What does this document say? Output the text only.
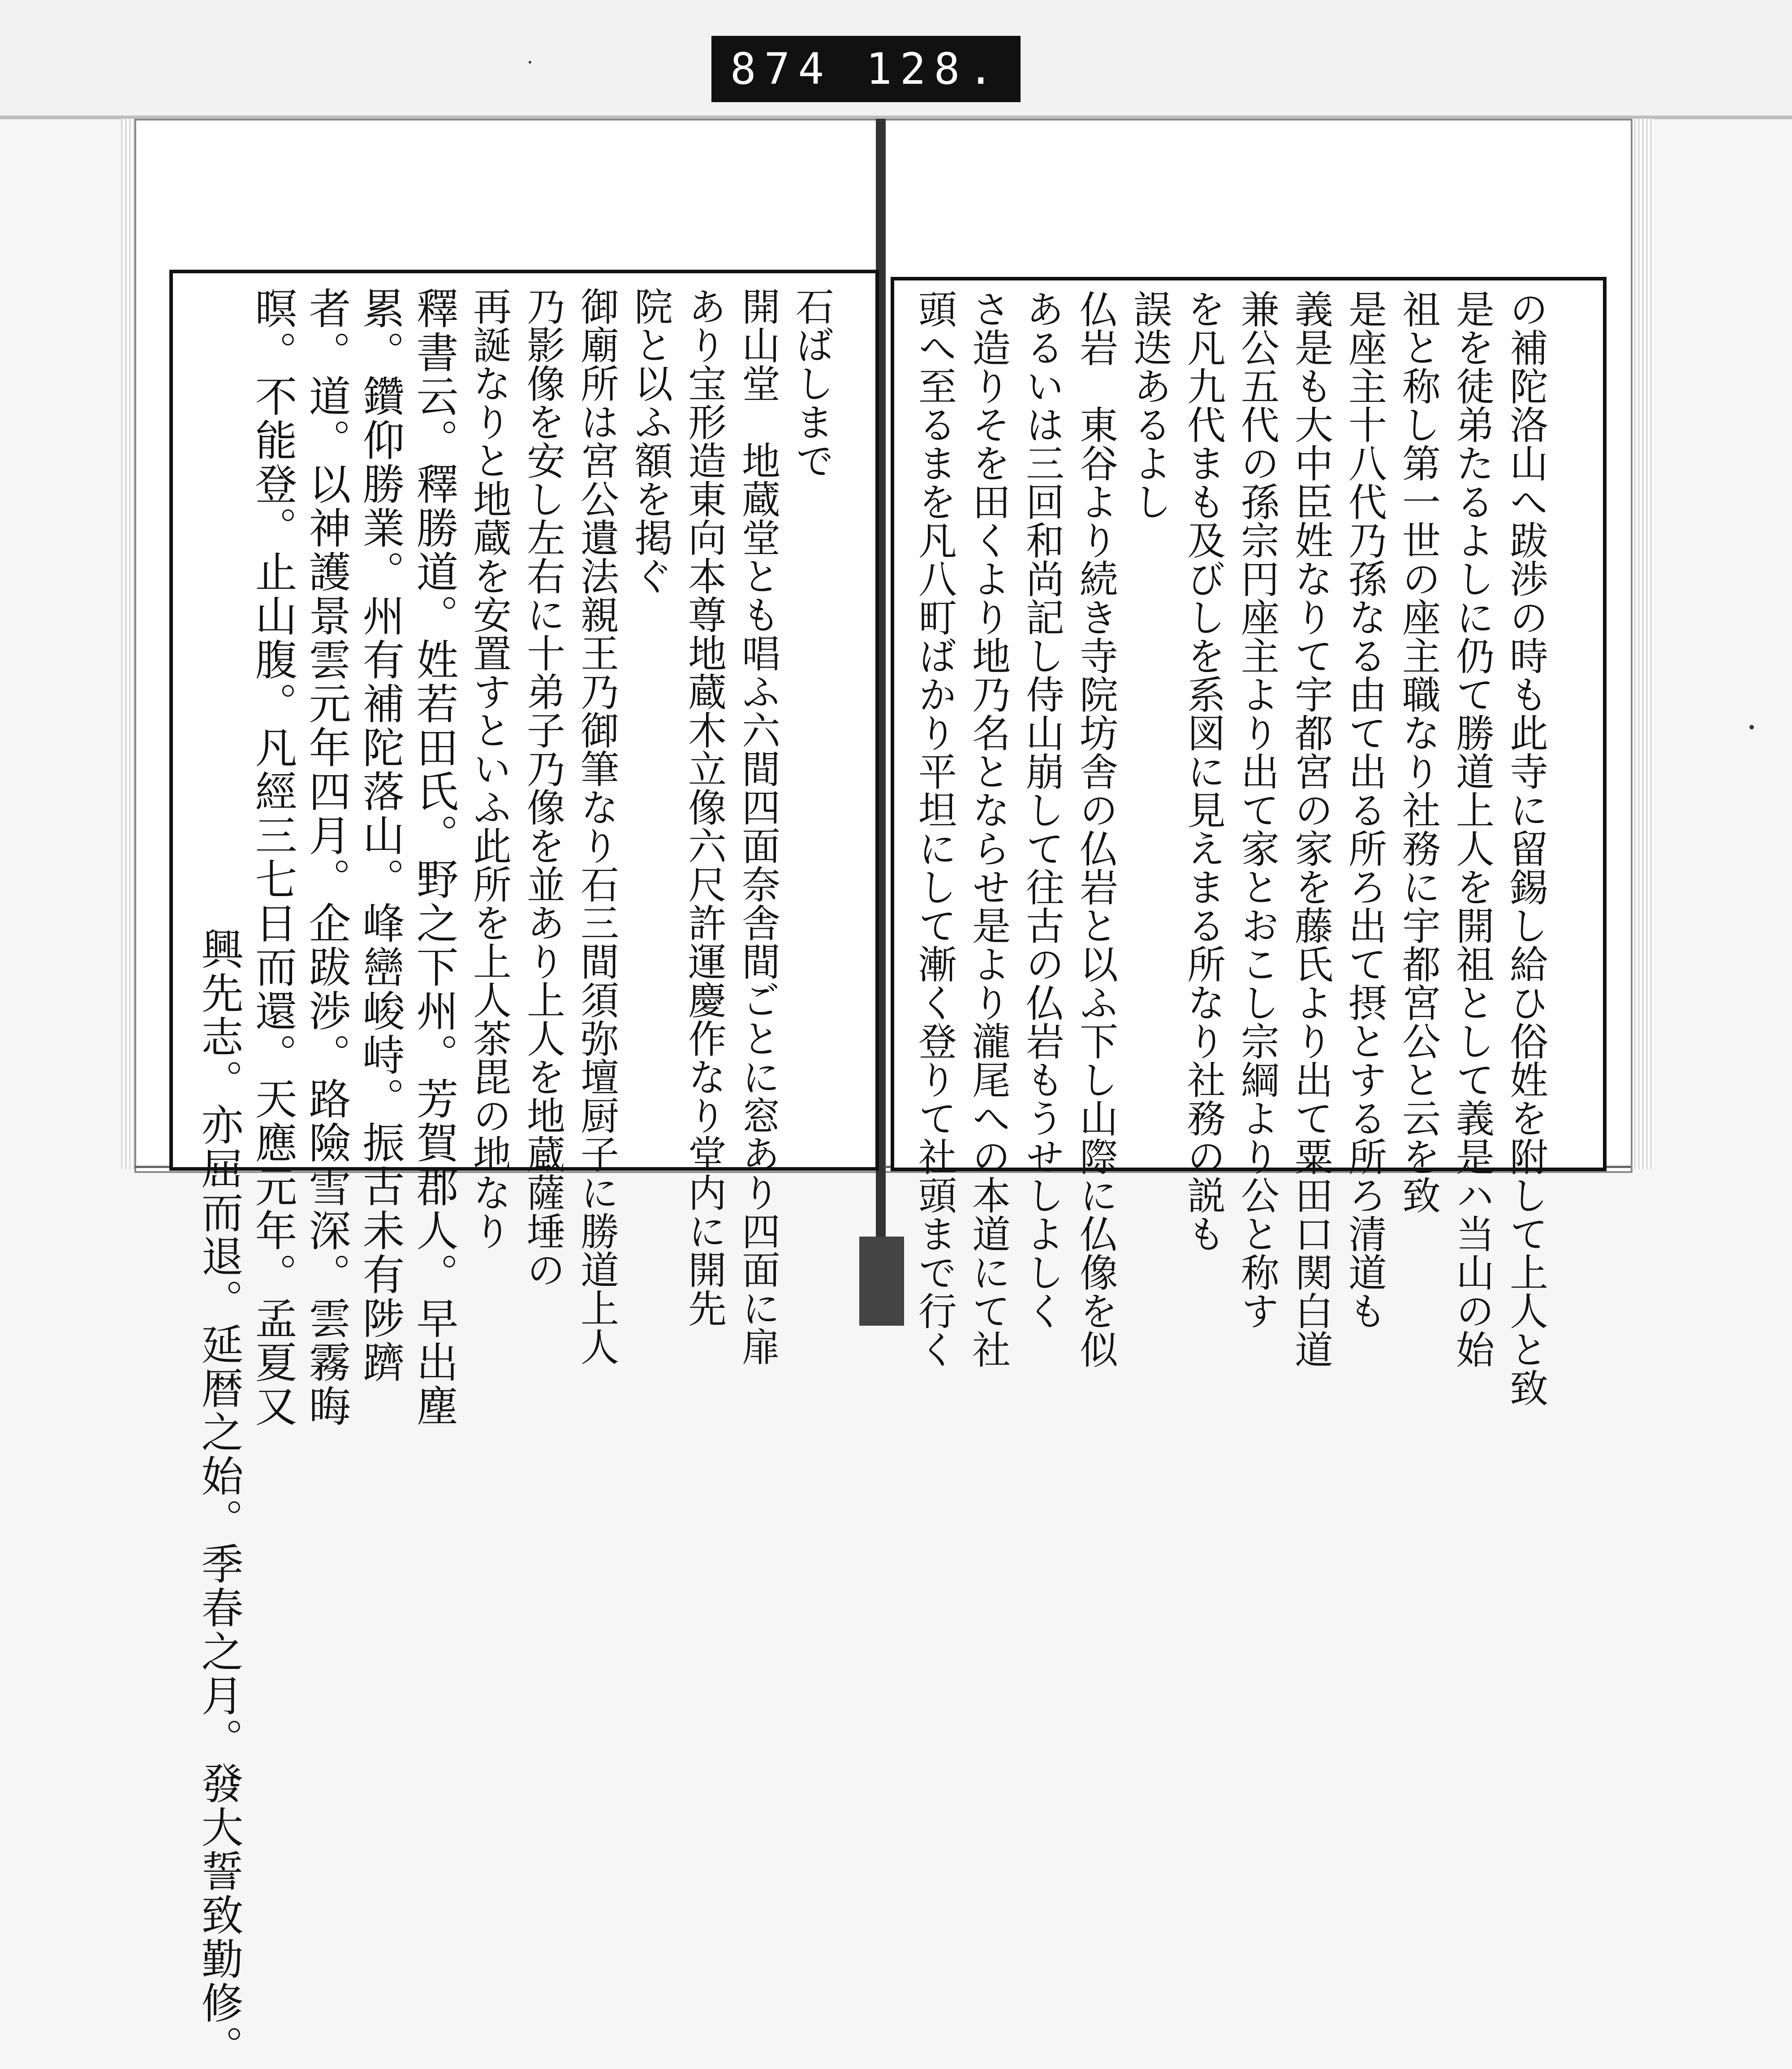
874 128.
興先志。亦屈而退。延暦之始。季春之月。發大誓致勤修。
暝。不能登。止山腹。凡經三七日而還。天應元年。孟夏又 者。道。以神護景雲元年四月。企跋渉。路險雪深。雲霧晦 累。鑽仰勝業。州有補陀落山。峰巒峻峙。振古未有陟躋 釋書云。釋勝道。姓若田氏。野之下州。芳賀郡人。早出塵 再誕なりと地蔵を安置すといふ此所を上人茶毘の地なり 乃影像を安し左右に十弟子乃像を並あり上人を地蔵薩埵の 御廟所は宮公遺法親王乃御筆なり石三間須弥壇厨子に勝道上人 院と以ふ額を掲ぐ あり宝形造東向本尊地蔵木立像六尺許運慶作なり堂内に開先 開山堂　地蔵堂とも唱ふ六間四面奈舎間ごとに窓あり四面に扉 石ばしまで 頭へ至るまを凡八町ばかり平坦にして漸く登りて社頭まで行く さ造りそを田くより地乃名とならせ是より瀧尾への本道にて社 あるいは三回和尚記し侍山崩して往古の仏岩もうせしよしく 仏岩　東谷より続き寺院坊舎の仏岩と以ふ下し山際に仏像を似 誤迭あるよし を凡九代まも及びしを系図に見えまる所なり社務の説も 兼公五代の孫宗円座主より出て家とおこし宗綱より公と称す 義是も大中臣姓なりて宇都宮の家を藤氏より出て粟田口関白道 是座主十八代乃孫なる由て出る所ろ出て摂とする所ろ清道も 祖と称し第一世の座主職なり社務に宇都宮公と云を致 是を徒弟たるよしに仍て勝道上人を開祖として義是ハ当山の始 の補陀洛山へ跋渉の時も此寺に留錫し給ひ俗姓を附して上人と致
